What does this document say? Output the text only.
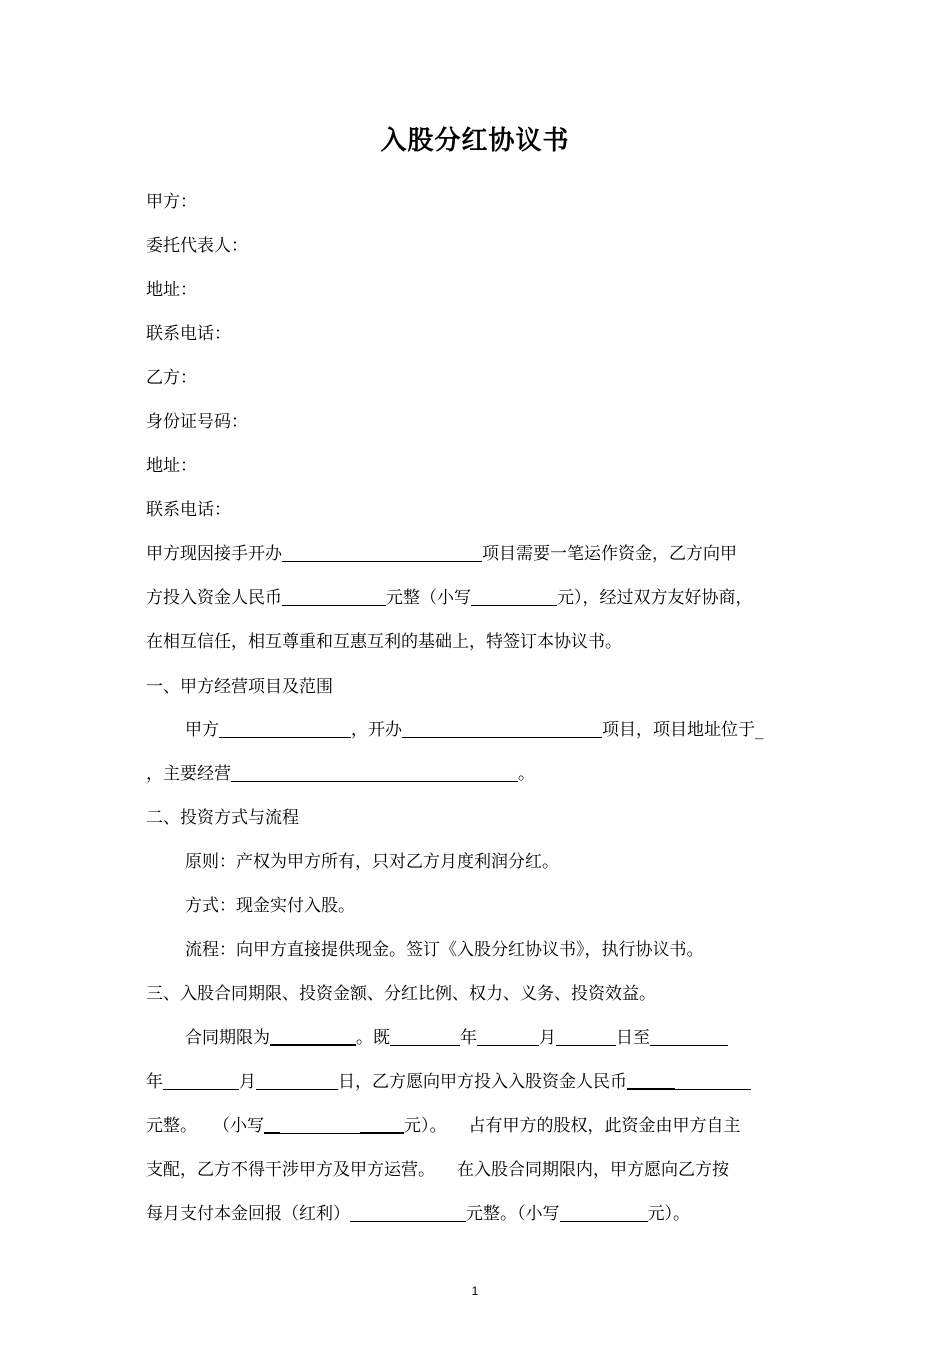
入股分红协议书
甲方：
委托代表人：
地址：
联系电话：
乙方：
身份证号码：
地址：
联系电话：
甲方现因接手开办	项目需要一笔运作资金，乙方向甲
方投入资金人民币	元整（小写	元），经过双方友好协商，
在相互信任，相互尊重和互惠互利的基础上，特签订本协议书。
一、甲方经营项目及范围
甲方	，开办	项目，项目地址位于_
，主要经营	。
二、投资方式与流程
原则：产权为甲方所有，只对乙方月度利润分红。
方式：现金实付入股。
流程：向甲方直接提供现金。签订《入股分红协议书》，执行协议书。
三、入股合同期限、投资金额、分红比例、权力、义务、投资效益。
合同期限为	。既	年	月	日至
年	月	日，乙方愿向甲方投入入股资金人民币
元整。 （小写	元）。 占有甲方的股权，此资金由甲方自主
支配，乙方不得干涉甲方及甲方运营。 在入股合同期限内，甲方愿向乙方按
每月支付本金回报（红利）	元整。（小写	元）。
1
